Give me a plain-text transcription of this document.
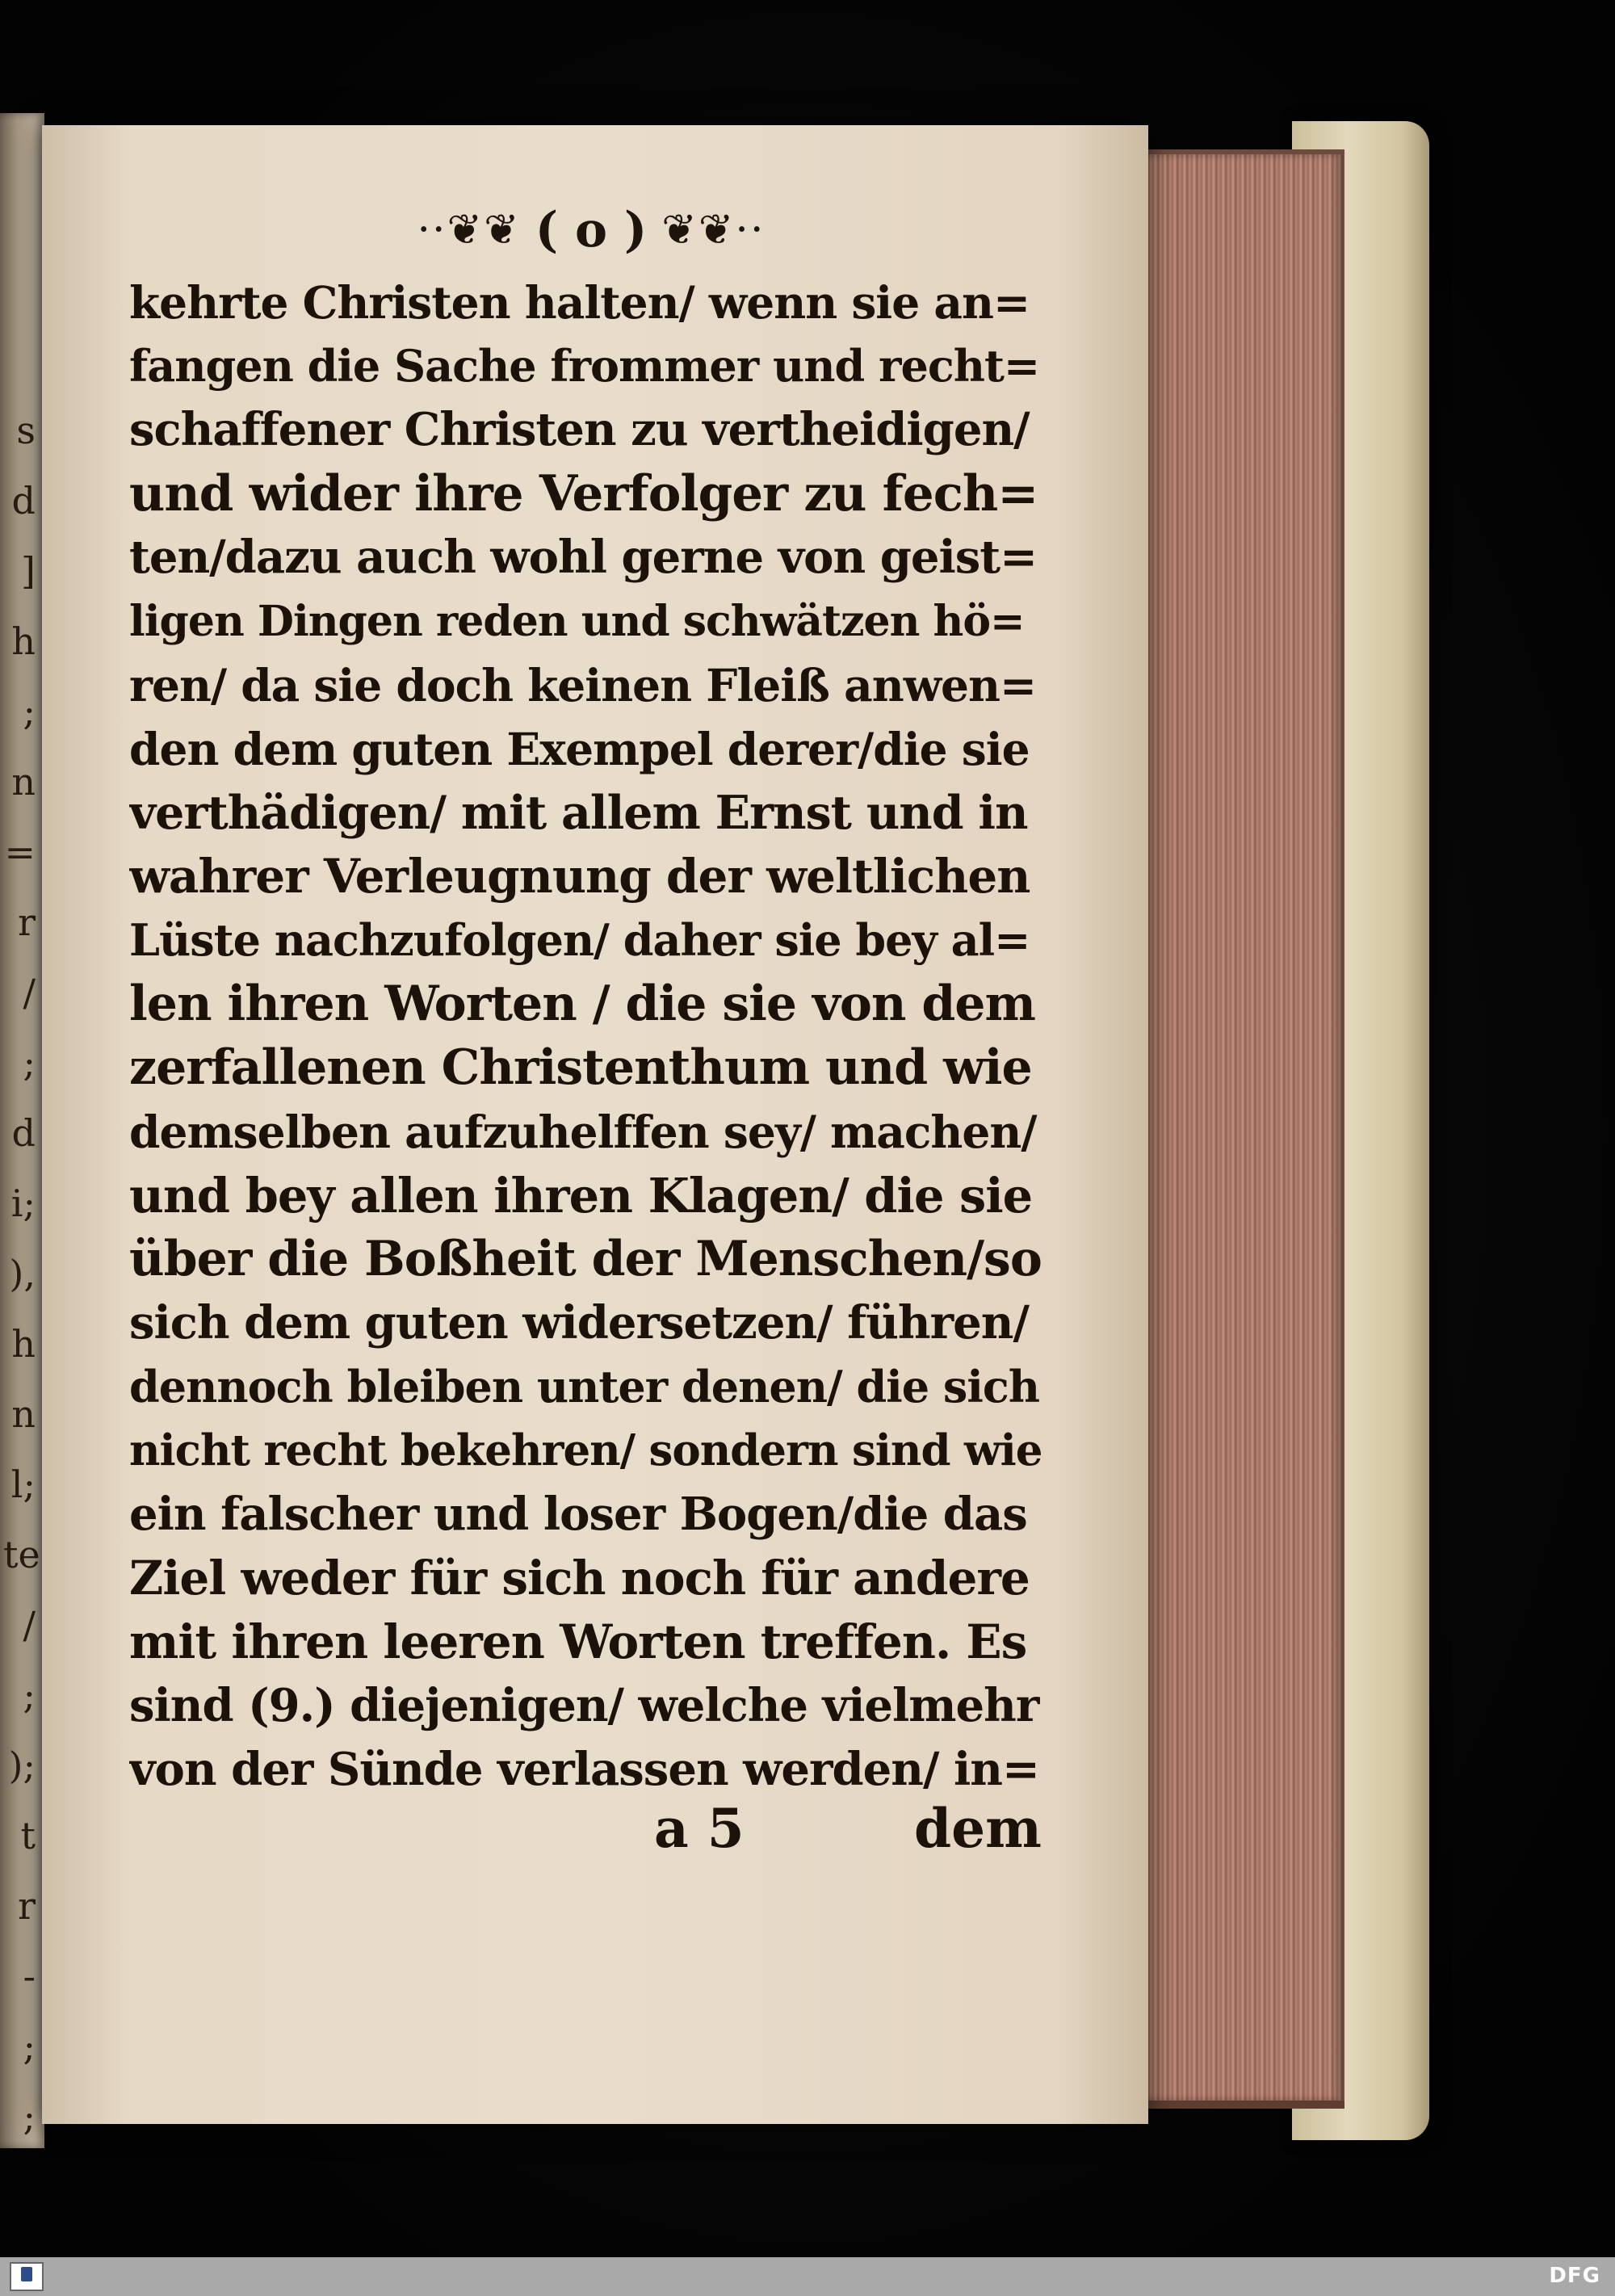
s
d
]
h
;
n
=
r
/
;
d
i;
),
h
n
l;
te
/
;
);
t
r
-
;
;
··❦❦ ( o ) ❦❦··
kehrte Christen halten/ wenn sie an=
fangen die Sache frommer und recht=
schaffener Christen zu vertheidigen/
und wider ihre Verfolger zu fech=
ten/dazu auch wohl gerne von geist=
ligen Dingen reden und schwätzen hö=
ren/ da sie doch keinen Fleiß anwen=
den dem guten Exempel derer/die sie
verthädigen/ mit allem Ernst und in
wahrer Verleugnung der weltlichen
Lüste nachzufolgen/ daher sie bey al=
len ihren Worten / die sie von dem
zerfallenen Christenthum und wie
demselben aufzuhelffen sey/ machen/
und bey allen ihren Klagen/ die sie
über die Boßheit der Menschen/so
sich dem guten widersetzen/ führen/
dennoch bleiben unter denen/ die sich
nicht recht bekehren/ sondern sind wie
ein falscher und loser Bogen/die das
Ziel weder für sich noch für andere
mit ihren leeren Worten treffen. Es
sind (9.) diejenigen/ welche vielmehr
von der Sünde verlassen werden/ in=
a 5	dem
DFG
